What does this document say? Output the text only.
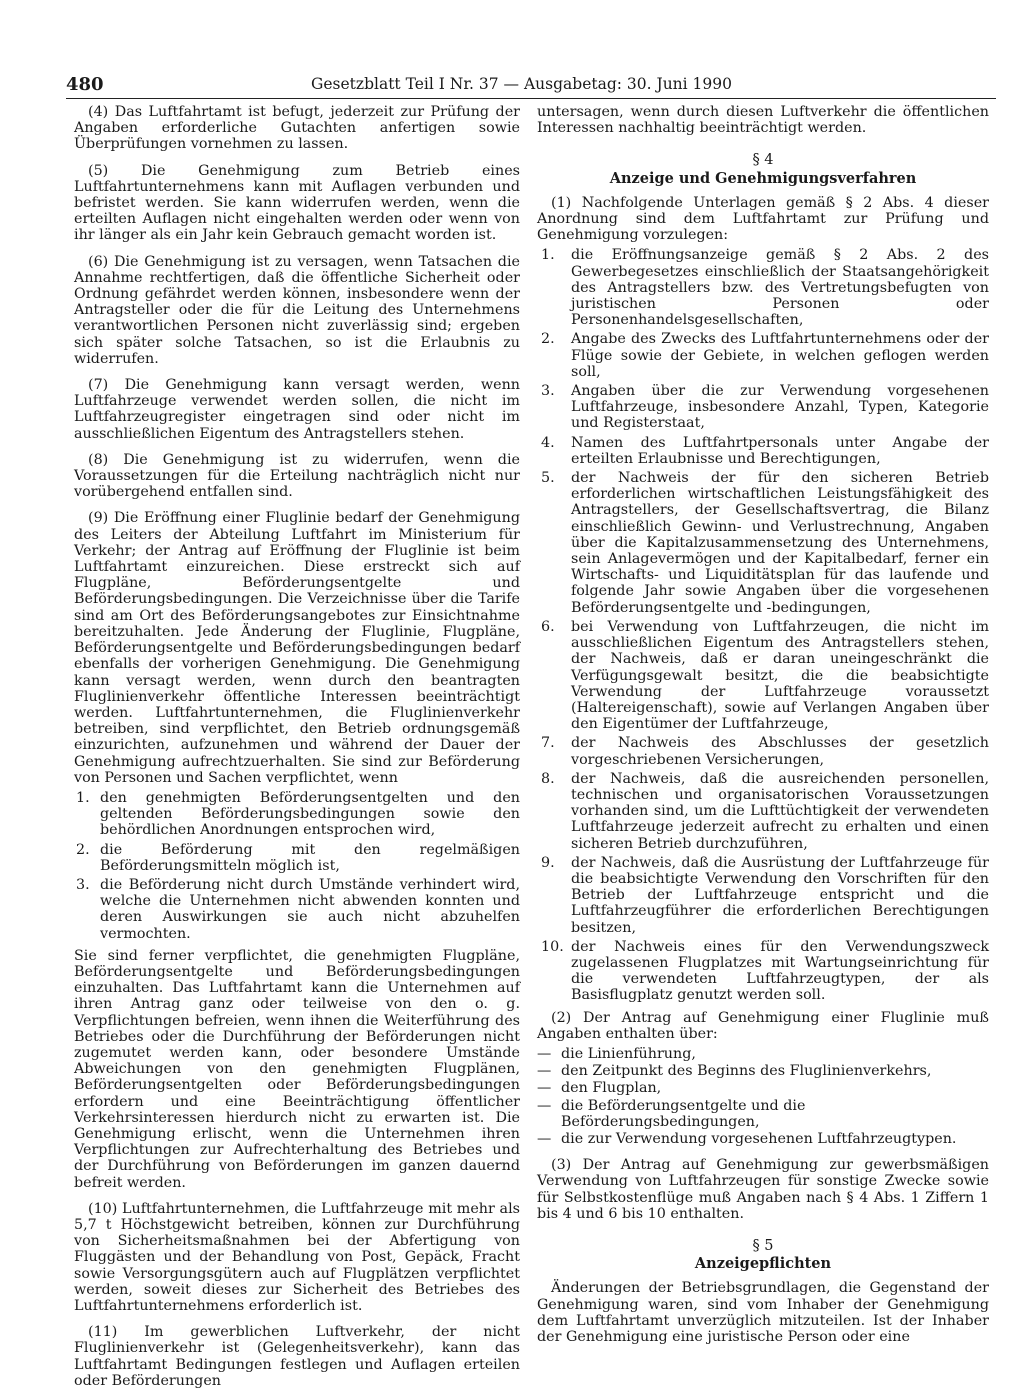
480	Gesetzblatt Teil I Nr. 37 — Ausgabetag: 30. Juni 1990

(4) Das Luftfahrtamt ist befugt, jederzeit zur Prüfung der Angaben erforderliche Gutachten anfertigen sowie Überprüfungen vornehmen zu lassen.

(5) Die Genehmigung zum Betrieb eines Luftfahrtunternehmens kann mit Auflagen verbunden und befristet werden. Sie kann widerrufen werden, wenn die erteilten Auflagen nicht eingehalten werden oder wenn von ihr länger als ein Jahr kein Gebrauch gemacht worden ist.

(6) Die Genehmigung ist zu versagen, wenn Tatsachen die Annahme rechtfertigen, daß die öffentliche Sicherheit oder Ordnung gefährdet werden können, insbesondere wenn der Antragsteller oder die für die Leitung des Unternehmens verantwortlichen Personen nicht zuverlässig sind; ergeben sich später solche Tatsachen, so ist die Erlaubnis zu widerrufen.

(7) Die Genehmigung kann versagt werden, wenn Luftfahrzeuge verwendet werden sollen, die nicht im Luftfahrzeugregister eingetragen sind oder nicht im ausschließlichen Eigentum des Antragstellers stehen.

(8) Die Genehmigung ist zu widerrufen, wenn die Voraussetzungen für die Erteilung nachträglich nicht nur vorübergehend entfallen sind.

(9) Die Eröffnung einer Fluglinie bedarf der Genehmigung des Leiters der Abteilung Luftfahrt im Ministerium für Verkehr; der Antrag auf Eröffnung der Fluglinie ist beim Luftfahrtamt einzureichen. Diese erstreckt sich auf Flugpläne, Beförderungsentgelte und Beförderungsbedingungen. Die Verzeichnisse über die Tarife sind am Ort des Beförderungsangebotes zur Einsichtnahme bereitzuhalten. Jede Änderung der Fluglinie, Flugpläne, Beförderungsentgelte und Beförderungsbedingungen bedarf ebenfalls der vorherigen Genehmigung. Die Genehmigung kann versagt werden, wenn durch den beantragten Fluglinienverkehr öffentliche Interessen beeinträchtigt werden. Luftfahrtunternehmen, die Fluglinienverkehr betreiben, sind verpflichtet, den Betrieb ordnungsgemäß einzurichten, aufzunehmen und während der Dauer der Genehmigung aufrechtzuerhalten. Sie sind zur Beförderung von Personen und Sachen verpflichtet, wenn

1. den genehmigten Beförderungsentgelten und den geltenden Beförderungsbedingungen sowie den behördlichen Anordnungen entsprochen wird,
2. die Beförderung mit den regelmäßigen Beförderungsmitteln möglich ist,
3. die Beförderung nicht durch Umstände verhindert wird, welche die Unternehmen nicht abwenden konnten und deren Auswirkungen sie auch nicht abzuhelfen vermochten.

Sie sind ferner verpflichtet, die genehmigten Flugpläne, Beförderungsentgelte und Beförderungsbedingungen einzuhalten. Das Luftfahrtamt kann die Unternehmen auf ihren Antrag ganz oder teilweise von den o. g. Verpflichtungen befreien, wenn ihnen die Weiterführung des Betriebes oder die Durchführung der Beförderungen nicht zugemutet werden kann, oder besondere Umstände Abweichungen von den genehmigten Flugplänen, Beförderungsentgelten oder Beförderungsbedingungen erfordern und eine Beeinträchtigung öffentlicher Verkehrsinteressen hierdurch nicht zu erwarten ist. Die Genehmigung erlischt, wenn die Unternehmen ihren Verpflichtungen zur Aufrechterhaltung des Betriebes und der Durchführung von Beförderungen im ganzen dauernd befreit werden.

(10) Luftfahrtunternehmen, die Luftfahrzeuge mit mehr als 5,7 t Höchstgewicht betreiben, können zur Durchführung von Sicherheitsmaßnahmen bei der Abfertigung von Fluggästen und der Behandlung von Post, Gepäck, Fracht sowie Versorgungsgütern auch auf Flugplätzen verpflichtet werden, soweit dieses zur Sicherheit des Betriebes des Luftfahrtunternehmens erforderlich ist.

(11) Im gewerblichen Luftverkehr, der nicht Fluglinienverkehr ist (Gelegenheitsverkehr), kann das Luftfahrtamt Bedingungen festlegen und Auflagen erteilen oder Beförderungen

untersagen, wenn durch diesen Luftverkehr die öffentlichen Interessen nachhaltig beeinträchtigt werden.

§ 4
Anzeige und Genehmigungsverfahren

(1) Nachfolgende Unterlagen gemäß § 2 Abs. 4 dieser Anordnung sind dem Luftfahrtamt zur Prüfung und Genehmigung vorzulegen:

1. die Eröffnungsanzeige gemäß § 2 Abs. 2 des Gewerbegesetzes einschließlich der Staatsangehörigkeit des Antragstellers bzw. des Vertretungsbefugten von juristischen Personen oder Personenhandelsgesellschaften,
2. Angabe des Zwecks des Luftfahrtunternehmens oder der Flüge sowie der Gebiete, in welchen geflogen werden soll,
3. Angaben über die zur Verwendung vorgesehenen Luftfahrzeuge, insbesondere Anzahl, Typen, Kategorie und Registerstaat,
4. Namen des Luftfahrtpersonals unter Angabe der erteilten Erlaubnisse und Berechtigungen,
5. der Nachweis der für den sicheren Betrieb erforderlichen wirtschaftlichen Leistungsfähigkeit des Antragstellers, der Gesellschaftsvertrag, die Bilanz einschließlich Gewinn- und Verlustrechnung, Angaben über die Kapitalzusammensetzung des Unternehmens, sein Anlagevermögen und der Kapitalbedarf, ferner ein Wirtschafts- und Liquiditätsplan für das laufende und folgende Jahr sowie Angaben über die vorgesehenen Beförderungsentgelte und -bedingungen,
6. bei Verwendung von Luftfahrzeugen, die nicht im ausschließlichen Eigentum des Antragstellers stehen, der Nachweis, daß er daran uneingeschränkt die Verfügungsgewalt besitzt, die die beabsichtigte Verwendung der Luftfahrzeuge voraussetzt (Haltereigenschaft), sowie auf Verlangen Angaben über den Eigentümer der Luftfahrzeuge,
7. der Nachweis des Abschlusses der gesetzlich vorgeschriebenen Versicherungen,
8. der Nachweis, daß die ausreichenden personellen, technischen und organisatorischen Voraussetzungen vorhanden sind, um die Lufttüchtigkeit der verwendeten Luftfahrzeuge jederzeit aufrecht zu erhalten und einen sicheren Betrieb durchzuführen,
9. der Nachweis, daß die Ausrüstung der Luftfahrzeuge für die beabsichtigte Verwendung den Vorschriften für den Betrieb der Luftfahrzeuge entspricht und die Luftfahrzeugführer die erforderlichen Berechtigungen besitzen,
10. der Nachweis eines für den Verwendungszweck zugelassenen Flugplatzes mit Wartungseinrichtung für die verwendeten Luftfahrzeugtypen, der als Basisflugplatz genutzt werden soll.

(2) Der Antrag auf Genehmigung einer Fluglinie muß Angaben enthalten über:

— die Linienführung,
— den Zeitpunkt des Beginns des Fluglinienverkehrs,
— den Flugplan,
— die Beförderungsentgelte und die Beförderungsbedingungen,
— die zur Verwendung vorgesehenen Luftfahrzeugtypen.

(3) Der Antrag auf Genehmigung zur gewerbsmäßigen Verwendung von Luftfahrzeugen für sonstige Zwecke sowie für Selbstkostenflüge muß Angaben nach § 4 Abs. 1 Ziffern 1 bis 4 und 6 bis 10 enthalten.

§ 5
Anzeigepflichten

Änderungen der Betriebsgrundlagen, die Gegenstand der Genehmigung waren, sind vom Inhaber der Genehmigung dem Luftfahrtamt unverzüglich mitzuteilen. Ist der Inhaber der Genehmigung eine juristische Person oder eine
